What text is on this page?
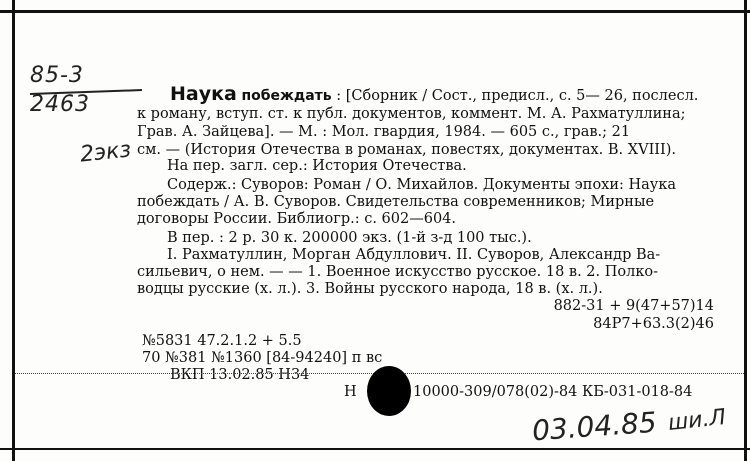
85-3
2463
2экз
Наука побеждать : [Сборник / Сост., предисл., с. 5— 26, послесл.
к роману, вступ. ст. к публ. документов, коммент. М. А. Рахматуллина;
Грав. А. Зайцева]. — М. : Мол. гвардия, 1984. — 605 с., грав.; 21
см. — (История Отечества в романах, повестях, документах. В. XVIII).
На пер. загл. сер.: История Отечества.
Содерж.: Суворов: Роман / О. Михайлов. Документы эпохи: Наука
побеждать / А. В. Суворов. Свидетельства современников; Мирные
договоры России. Библиогр.: с. 602—604.
В пер. : 2 р. 30 к. 200000 экз. (1-й з-д 100 тыс.).
I. Рахматуллин, Морган Абдуллович. II. Суворов, Александр Ва-
сильевич, о нем. — — 1. Военное искусство русское. 18 в. 2. Полко-
водцы русские (х. л.). 3. Войны русского народа, 18 в. (х. л.).
882-31 + 9(47+57)14
84Р7+63.3(2)46
№5831 47.2.1.2 + 5.5
70 №381 №1360 [84-94240] п вс
ВКП 13.02.85 Н34
Н	10000-309/078(02)-84 КБ-031-018-84
03.04.85 ши.Л
